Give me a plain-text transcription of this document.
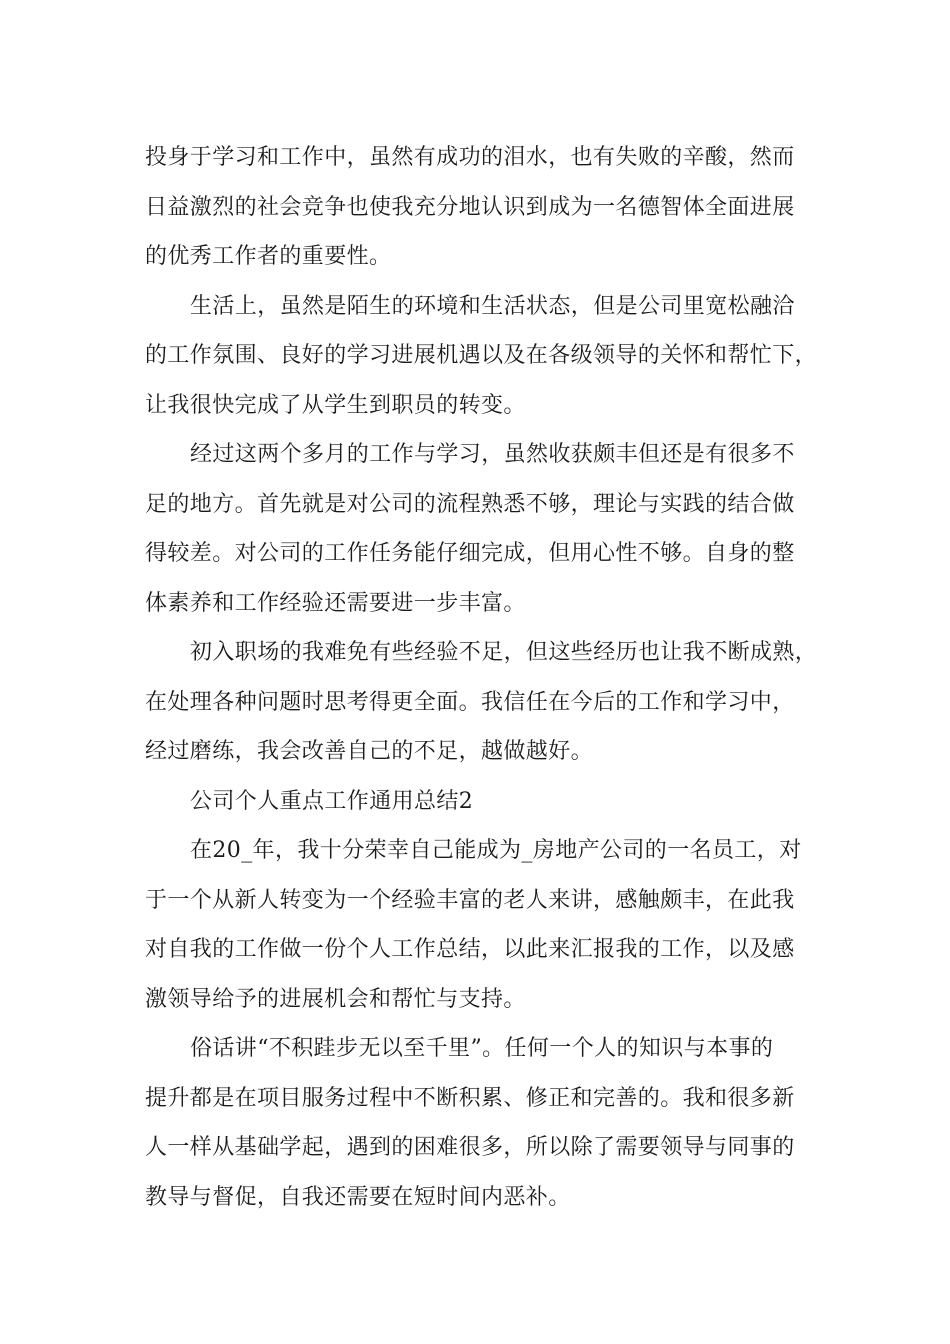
投身于学习和工作中，虽然有成功的泪水，也有失败的辛酸，然而
日益激烈的社会竞争也使我充分地认识到成为一名德智体全面进展
的优秀工作者的重要性。

生活上，虽然是陌生的环境和生活状态，但是公司里宽松融洽
的工作氛围、良好的学习进展机遇以及在各级领导的关怀和帮忙下，
让我很快完成了从学生到职员的转变。

经过这两个多月的工作与学习，虽然收获颇丰但还是有很多不
足的地方。首先就是对公司的流程熟悉不够，理论与实践的结合做
得较差。对公司的工作任务能仔细完成，但用心性不够。自身的整
体素养和工作经验还需要进一步丰富。

初入职场的我难免有些经验不足，但这些经历也让我不断成熟，
在处理各种问题时思考得更全面。我信任在今后的工作和学习中，
经过磨练，我会改善自己的不足，越做越好。

公司个人重点工作通用总结2

在20_年，我十分荣幸自己能成为_房地产公司的一名员工，对
于一个从新人转变为一个经验丰富的老人来讲，感触颇丰，在此我
对自我的工作做一份个人工作总结，以此来汇报我的工作，以及感
激领导给予的进展机会和帮忙与支持。

俗话讲“不积跬步无以至千里”。任何一个人的知识与本事的
提升都是在项目服务过程中不断积累、修正和完善的。我和很多新
人一样从基础学起，遇到的困难很多，所以除了需要领导与同事的
教导与督促，自我还需要在短时间内恶补。
